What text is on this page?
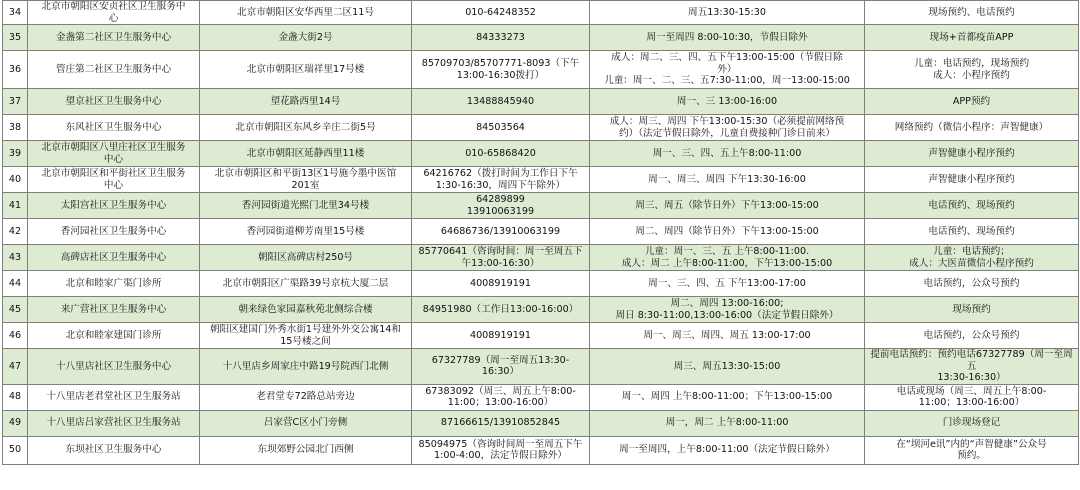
34	北京市朝阳区安贞社区卫生服务中
心	北京市朝阳区安华西里二区11号	010-64248352	周五13:30-15:30	现场预约、电话预约

35	金盏第二社区卫生服务中心	金盏大街2号	84333273	周一至周四 8:00-10:30，节假日除外	现场+首都疫苗APP

36	管庄第二社区卫生服务中心	北京市朝阳区瑞祥里17号楼	85709703/85707771-8093（下午
13:00-16:30拨打）	成人：周二、三、四、五下午13:00-15:00（节假日除
外）
儿童：周一、二、三、五7:30-11:00，周一13:00-15:00	儿童：电话预约，现场预约
成人：小程序预约

37	望京社区卫生服务中心	望花路西里14号	13488845940	周一、三 13:00-16:00	APP预约

38	东风社区卫生服务中心	北京市朝阳区东风乡辛庄二街5号	84503564	成人：周三、周四 下午13:00-15:30（必须提前网络预
约）（法定节假日除外，儿童自费接种门诊日前来）	网络预约（微信小程序：声智健康）

39	北京市朝阳区八里庄社区卫生服务
中心	北京市朝阳区延静西里11楼	010-65868420	周一、三、四、五上午8:00-11:00	声智健康小程序预约

40	北京市朝阳区和平街社区卫生服务
中心	北京市朝阳区和平街13区1号施今墨中医馆
201室	64216762（拨打时间为工作日下午
1:30-16:30，周四下午除外）	周一、周三、周四 下午13:30-16:00	声智健康小程序预约

41	太阳宫社区卫生服务中心	香河园街道光熙门北里34号楼	64289899
13910063199	周三、周五（除节日外）下午13:00-15:00	电话预约、现场预约

42	香河园社区卫生服务中心	香河园街道柳芳南里15号楼	64686736/13910063199	周二、周四（除节日外）下午13:00-15:00	电话预约、现场预约

43	高碑店社区卫生服务中心	朝阳区高碑店村250号	85770641（咨询时间：周一至周五下
午13:00-16:30）	儿童：周一、三、五 上午8:00-11:00.
成人：周二 上午8:00-11:00，下午13:00-15:00	儿童：电话预约；
成人：大医苗微信小程序预约

44	北京和睦家广渠门诊所	北京市朝阳区广渠路39号京杭大厦二层	4008919191	周一、三、四、五 下午13:00-17:00	电话预约，公众号预约

45	来广营社区卫生服务中心	朝来绿色家园嘉秋苑北侧综合楼	84951980（工作日13:00-16:00）	周二、周四 13:00-16:00;
周日 8:30-11:00,13:00-16:00（法定节假日除外）	现场预约

46	北京和睦家建国门诊所	朝阳区建国门外秀水街1号建外外交公寓14和
15号楼之间	4008919191	周一、周三、周四、周五 13:00-17:00	电话预约，公众号预约

47	十八里店社区卫生服务中心	十八里店乡周家庄中路19号院西门北侧	67327789（周一至周五13:30-
16:30）	周三、周五13:30-15:00	提前电话预约：预约电话67327789（周一至周五
13:30-16:30）

48	十八里店老君堂社区卫生服务站	老君堂专72路总站旁边	67383092（周三、周五上午8:00-
11:00；13:00-16:00）	周一、周四 上午8:00-11:00；下午13:00-15:00	电话或现场（周三、周五上午8:00-
11:00；13:00-16:00）

49	十八里店吕家营社区卫生服务站	吕家营C区小门旁侧	87166615/13910852845	周一，周二 上午8:00-11:00	门诊现场登记

50	东坝社区卫生服务中心	东坝郊野公园北门西侧	85094975（咨询时间周一至周五下午
1:00-4:00，法定节假日除外）	周一至周四，上午8:00-11:00（法定节假日除外）	在“坝河e讯”内的“声智健康”公众号
预约。
